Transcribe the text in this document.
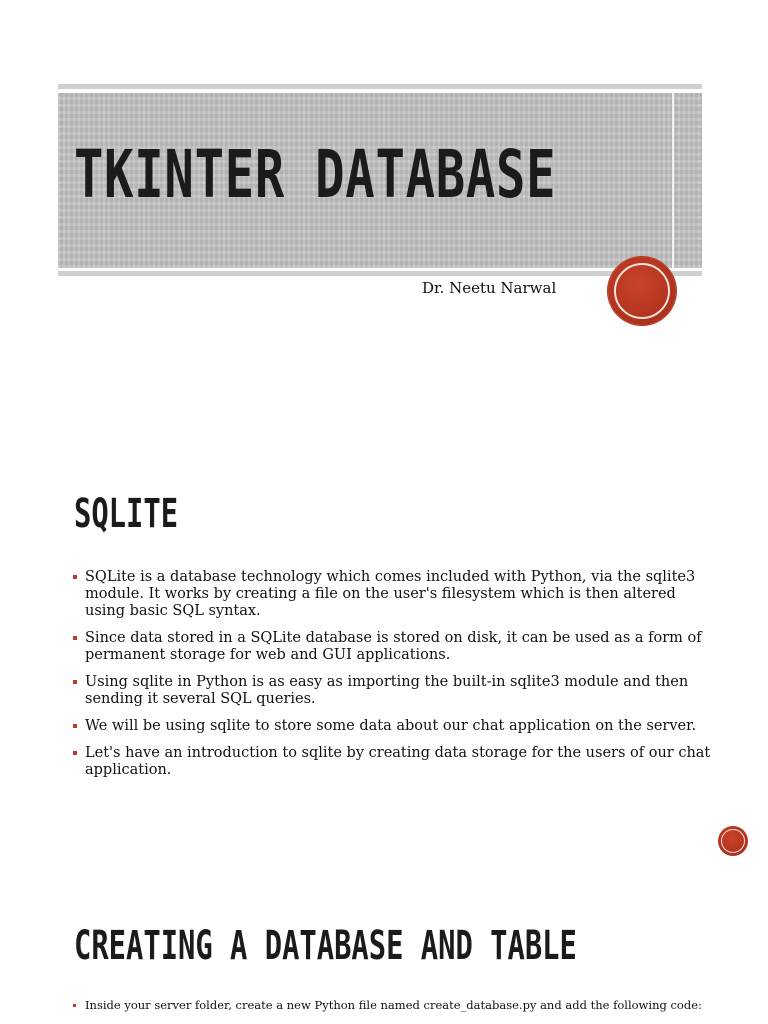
TKINTER DATABASE
Dr. Neetu Narwal
SQLITE
SQLite is a database technology which comes included with Python, via the sqlite3 module. It works by creating a file on the user's filesystem which is then altered using basic SQL syntax.
Since data stored in a SQLite database is stored on disk, it can be used as a form of permanent storage for web and GUI applications.
Using sqlite in Python is as easy as importing the built-in sqlite3 module and then sending it several SQL queries.
We will be using sqlite to store some data about our chat application on the server.
Let's have an introduction to sqlite by creating data storage for the users of our chat application.
CREATING A DATABASE AND TABLE
Inside your server folder, create a new Python file named create_database.py and add the following code:
